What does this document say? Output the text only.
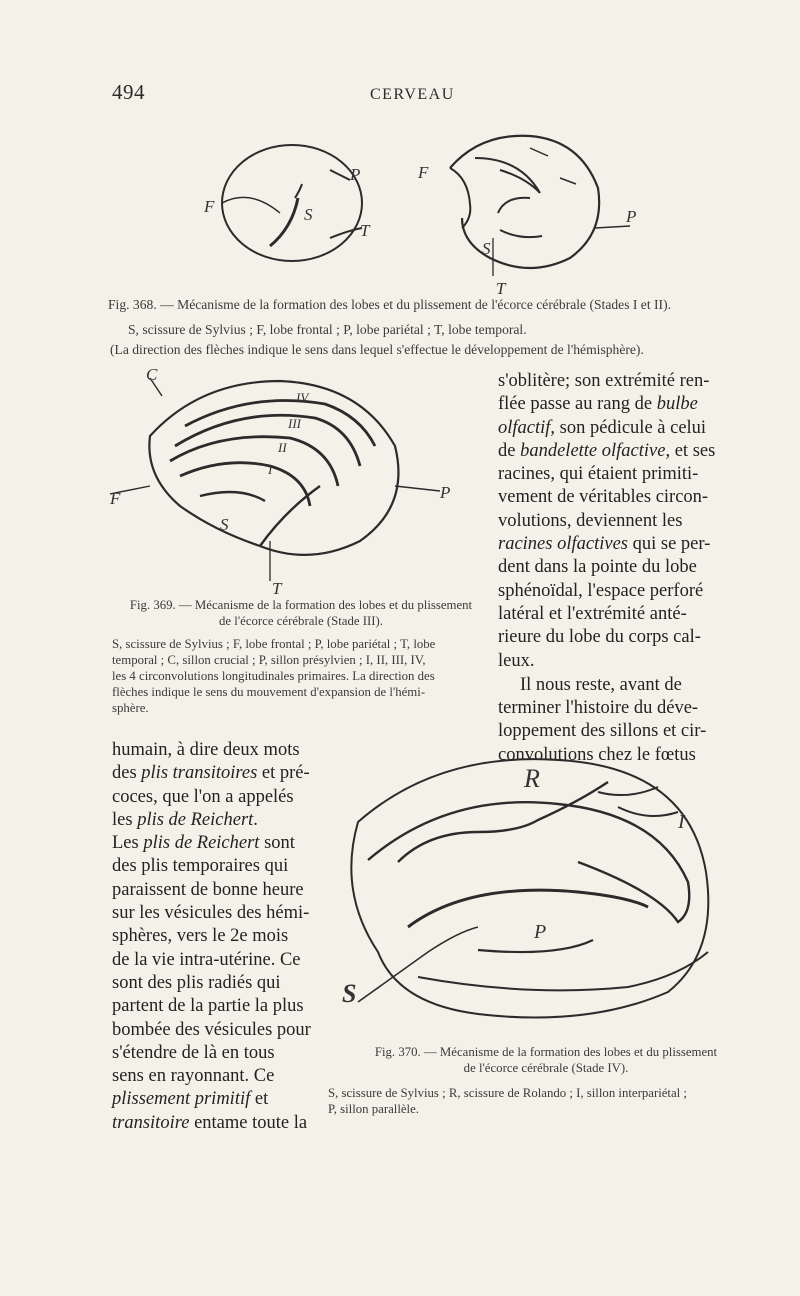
494	CERVEAU
F	S
P
T
F
S
P
T
Fig. 368. — Mécanisme de la formation des lobes et du plissement de l'écorce cérébrale (Stades I et II).
S, scissure de Sylvius ; F, lobe frontal ; P, lobe pariétal ; T, lobe temporal.
(La direction des flèches indique le sens dans lequel s'effectue le développement de l'hémisphère).
C
IV
III
II
I
F
S
P
T
Fig. 369. — Mécanisme de la formation des lobes et du plissement
de l'écorce cérébrale (Stade III).
S, scissure de Sylvius ; F, lobe frontal ; P, lobe pariétal ; T, lobe
temporal ; C, sillon crucial ; P, sillon présylvien ; I, II, III, IV,
les 4 circonvolutions longitudinales primaires. La direction des
flèches indique le sens du mouvement d'expansion de l'hémi-
sphère.
s'oblitère; son extrémité ren-
flée passe au rang de bulbe
olfactif, son pédicule à celui
de bandelette olfactive, et ses
racines, qui étaient primiti-
vement de véritables circon-
volutions, deviennent les
racines olfactives qui se per-
dent dans la pointe du lobe
sphénoïdal, l'espace perforé
latéral et l'extrémité anté-
rieure du lobe du corps cal-
leux.
Il nous reste, avant de
terminer l'histoire du déve-
loppement des sillons et cir-
convolutions chez le fœtus
humain, à dire deux mots
des plis transitoires et pré-
coces, que l'on a appelés
les plis de Reichert.
Les plis de Reichert sont
des plis temporaires qui
paraissent de bonne heure
sur les vésicules des hémi-
sphères, vers le 2e mois
de la vie intra-utérine. Ce
sont des plis radiés qui
partent de la partie la plus
bombée des vésicules pour
s'étendre de là en tous
sens en rayonnant. Ce
plissement primitif et
transitoire entame toute la
R
I
P
S
Fig. 370. — Mécanisme de la formation des lobes et du plissement
de l'écorce cérébrale (Stade IV).
S, scissure de Sylvius ; R, scissure de Rolando ; I, sillon interpariétal ;
P, sillon parallèle.
